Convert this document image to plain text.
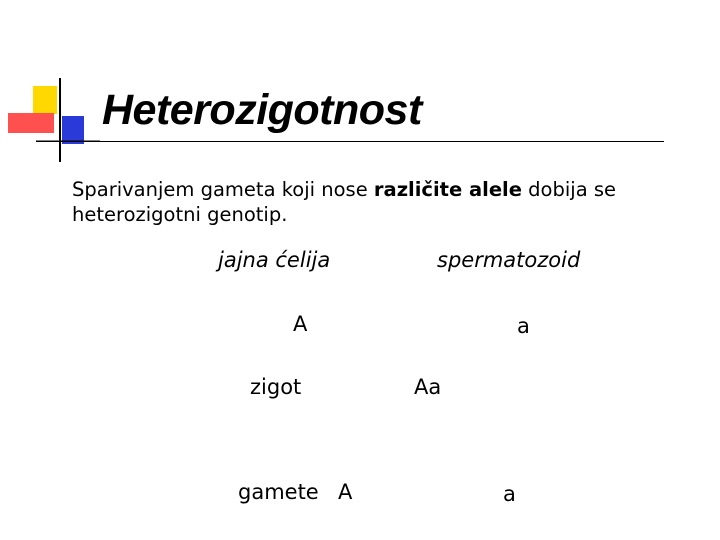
Heterozigotnost

Sparivanjem gameta koji nose različite alele dobija se heterozigotni genotip.

jajna ćelija	spermatozoid
A	a
zigot	Aa
gamete A	a
